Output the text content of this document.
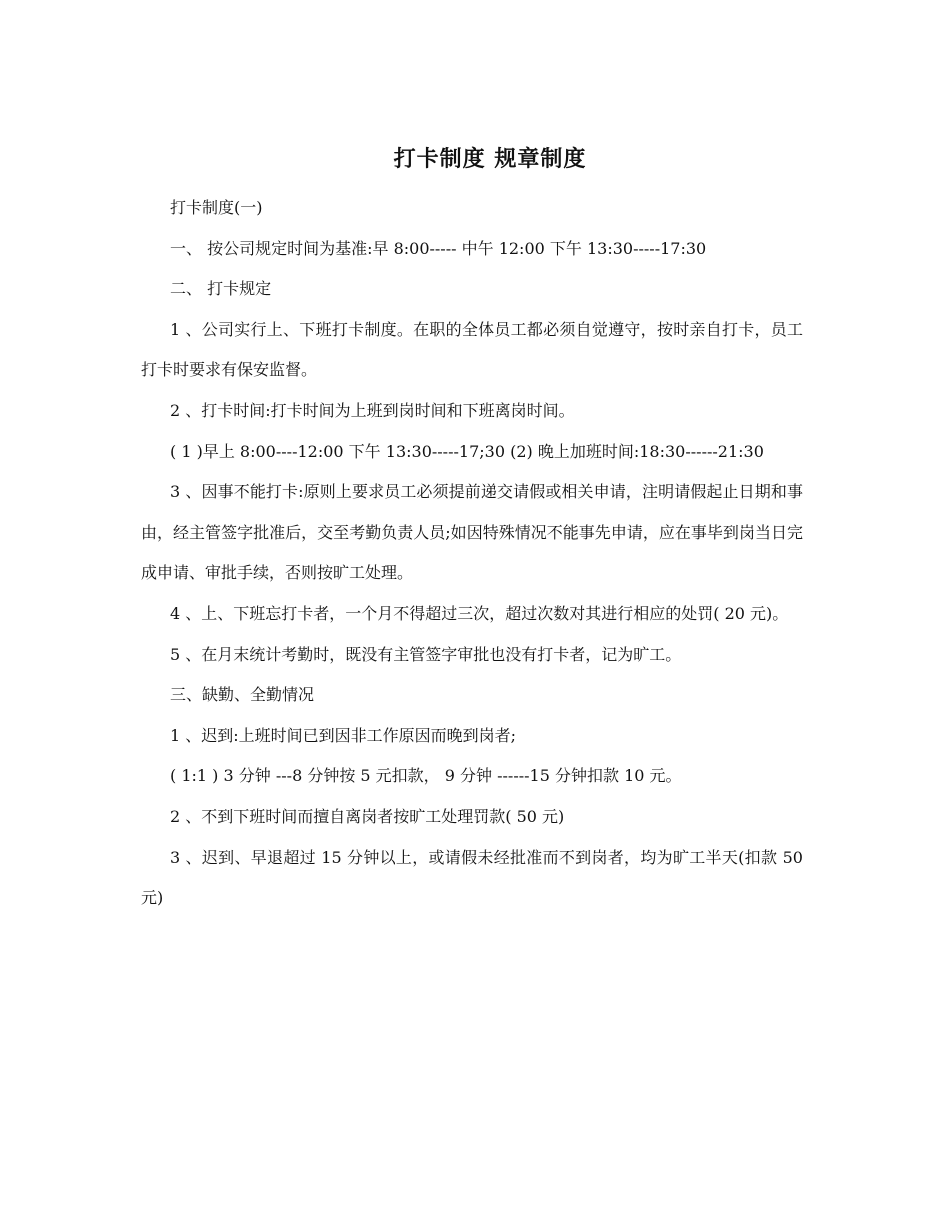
打卡制度 规章制度

打卡制度(一)

一、 按公司规定时间为基准:早 8:00----- 中午 12:00 下午 13:30-----17:30

二、 打卡规定

1 、公司实行上、下班打卡制度。在职的全体员工都必须自觉遵守，按时亲自打卡，员工打卡时要求有保安监督。

2 、打卡时间:打卡时间为上班到岗时间和下班离岗时间。

( 1 )早上 8:00----12:00 下午 13:30-----17;30 (2) 晚上加班时间:18:30------21:30

3 、因事不能打卡:原则上要求员工必须提前递交请假或相关申请，注明请假起止日期和事由，经主管签字批准后，交至考勤负责人员;如因特殊情况不能事先申请，应在事毕到岗当日完成申请、审批手续，否则按旷工处理。

4 、上、下班忘打卡者，一个月不得超过三次，超过次数对其进行相应的处罚( 20 元)。

5 、在月末统计考勤时，既没有主管签字审批也没有打卡者，记为旷工。

三、缺勤、全勤情况

1 、迟到:上班时间已到因非工作原因而晚到岗者;

( 1:1 ) 3 分钟 ---8 分钟按 5 元扣款， 9 分钟 ------15 分钟扣款 10 元。

2 、不到下班时间而擅自离岗者按旷工处理罚款( 50 元)

3 、迟到、早退超过 15 分钟以上，或请假未经批准而不到岗者，均为旷工半天(扣款 50 元)
